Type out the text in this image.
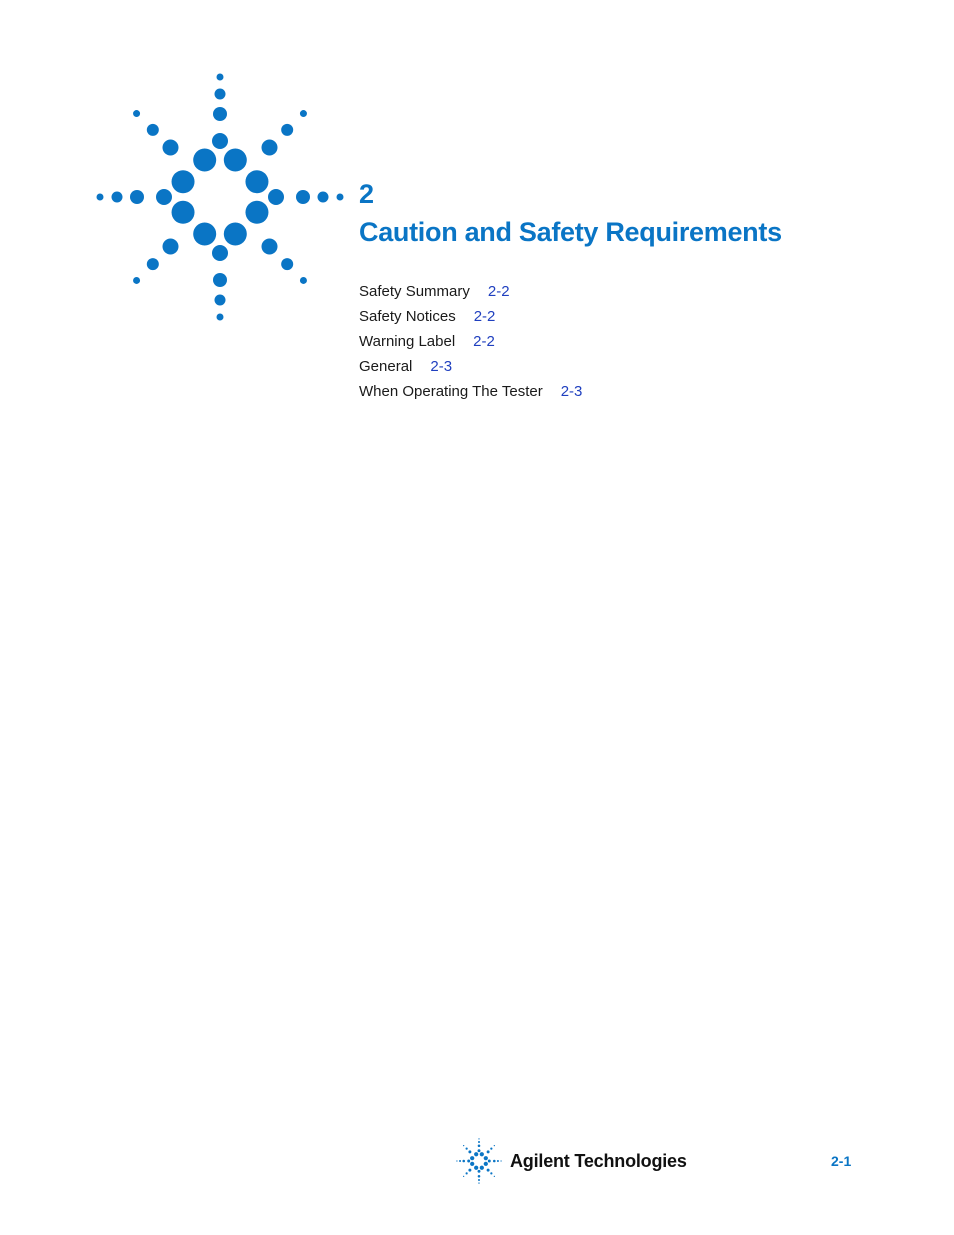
2
Caution and Safety Requirements
Safety Summary 2-2
Safety Notices 2-2
Warning Label 2-2
General 2-3
When Operating The Tester 2-3
Agilent Technologies	2-1
